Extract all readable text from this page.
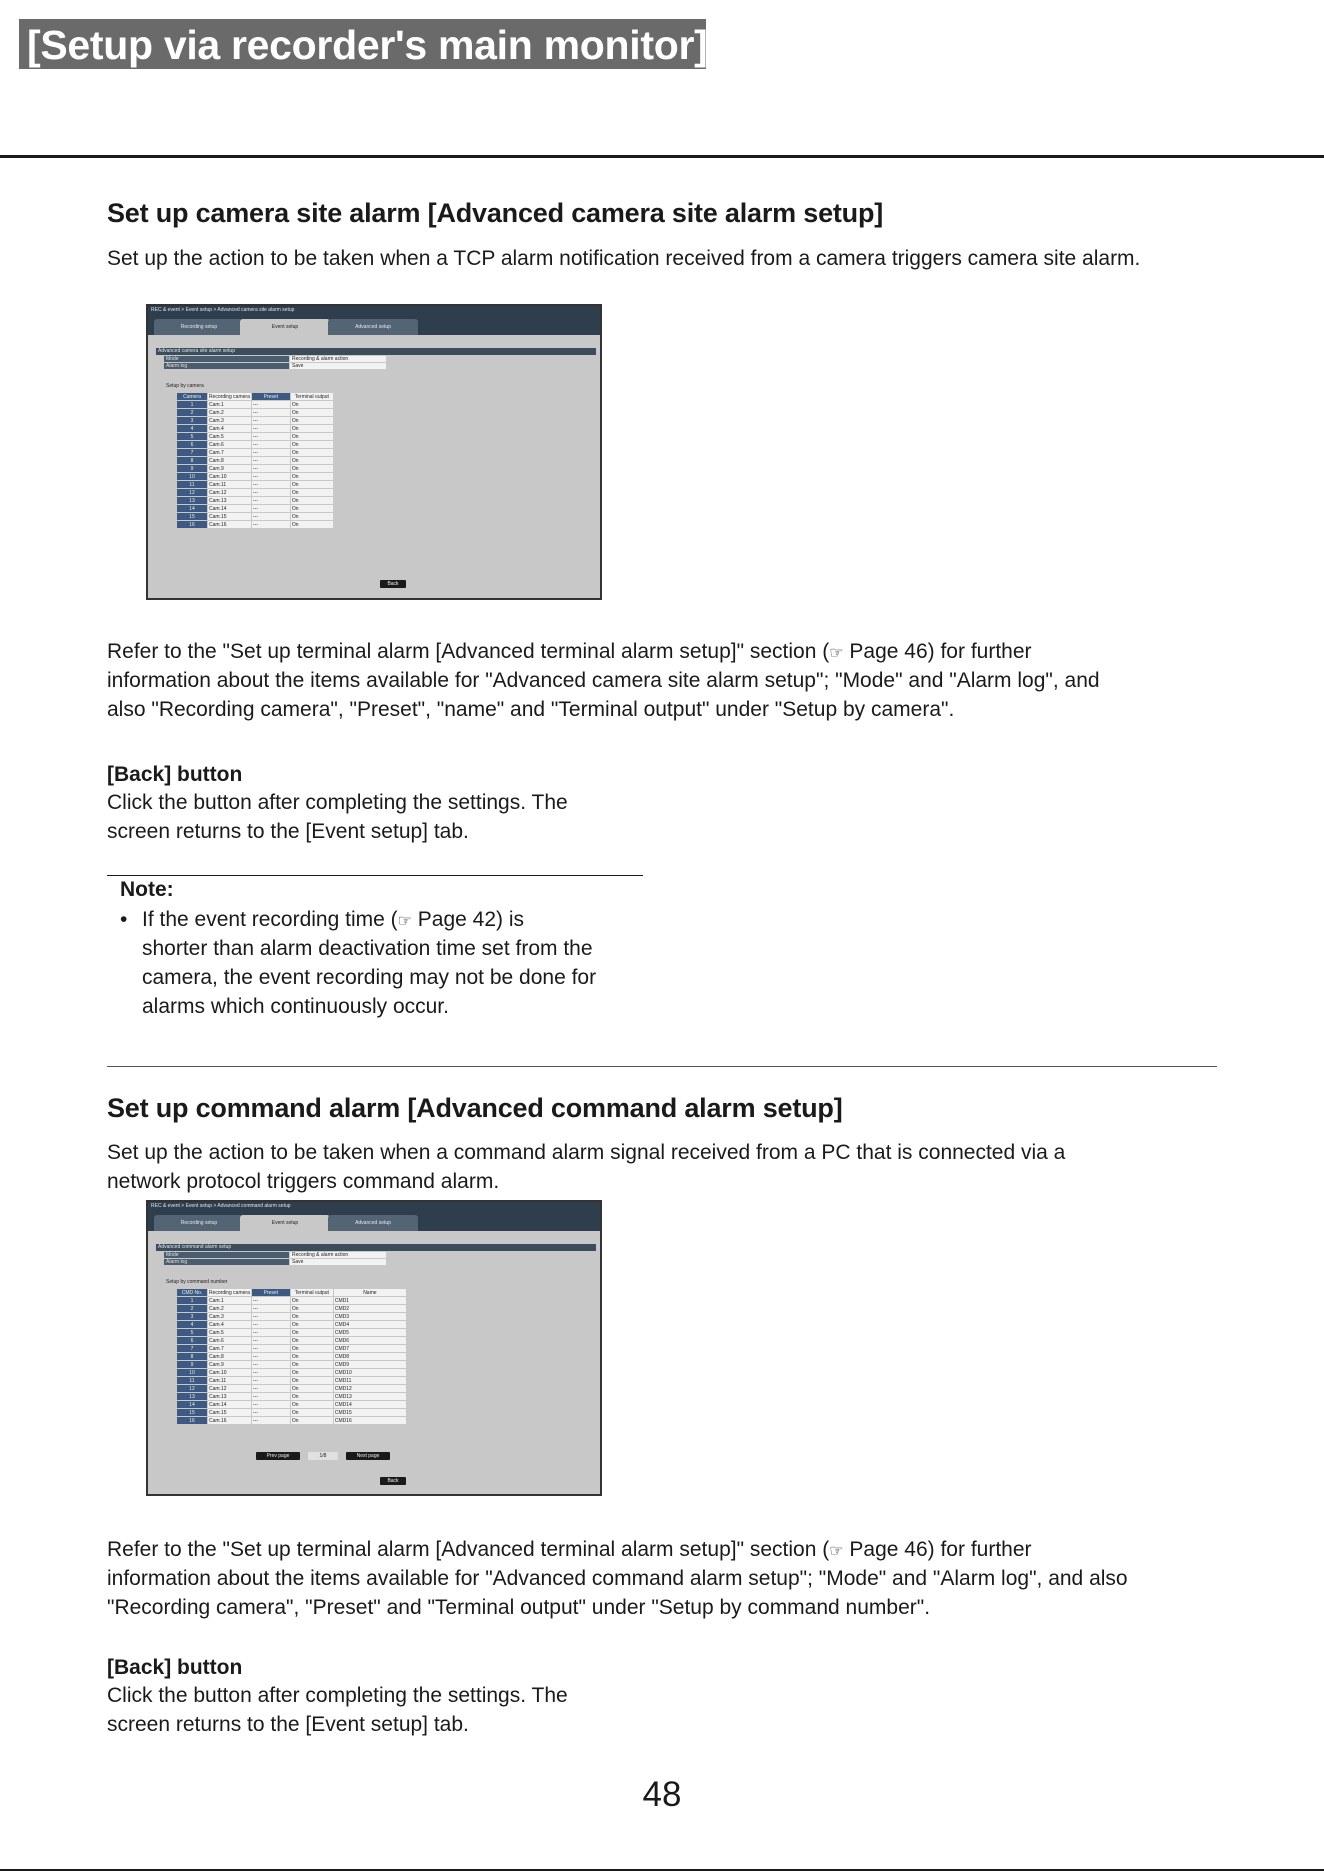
[Setup via recorder's main monitor]
Set up camera site alarm [Advanced camera site alarm setup]
Set up the action to be taken when a TCP alarm notification received from a camera triggers camera site alarm.
REC & event > Event setup > Advanced camera site alarm setup
Recording setup	Event setup	Advanced setup
Advanced camera site alarm setup
Mode	Recording & alarm action
Alarm log	Save
Setup by camera
Camera	Recording camera	Preset	Terminal output
1	Cam.1	---	On
2	Cam.2	---	On
3	Cam.3	---	On
4	Cam.4	---	On
5	Cam.5	---	On
6	Cam.6	---	On
7	Cam.7	---	On
8	Cam.8	---	On
9	Cam.9	---	On
10	Cam.10	---	On
11	Cam.11	---	On
12	Cam.12	---	On
13	Cam.13	---	On
14	Cam.14	---	On
15	Cam.15	---	On
16	Cam.16	---	On
Back
Refer to the "Set up terminal alarm [Advanced terminal alarm setup]" section (☞ Page 46) for further
information about the items available for "Advanced camera site alarm setup"; "Mode" and "Alarm log", and
also "Recording camera", "Preset", "name" and "Terminal output" under "Setup by camera".
[Back] button
Click the button after completing the settings. The
screen returns to the [Event setup] tab.
Note:
• If the event recording time (☞ Page 42) is
shorter than alarm deactivation time set from the
camera, the event recording may not be done for
alarms which continuously occur.
Set up command alarm [Advanced command alarm setup]
Set up the action to be taken when a command alarm signal received from a PC that is connected via a
network protocol triggers command alarm.
REC & event > Event setup > Advanced command alarm setup
Recording setup	Event setup	Advanced setup
Advanced command alarm setup
Mode	Recording & alarm action
Alarm log	Save
Setup by command number
CMD No.	Recording camera	Preset	Terminal output	Name
1	Cam.1	---	On	CMD1
2	Cam.2	---	On	CMD2
3	Cam.3	---	On	CMD3
4	Cam.4	---	On	CMD4
5	Cam.5	---	On	CMD5
6	Cam.6	---	On	CMD6
7	Cam.7	---	On	CMD7
8	Cam.8	---	On	CMD8
9	Cam.9	---	On	CMD9
10	Cam.10	---	On	CMD10
11	Cam.11	---	On	CMD11
12	Cam.12	---	On	CMD12
13	Cam.13	---	On	CMD13
14	Cam.14	---	On	CMD14
15	Cam.15	---	On	CMD15
16	Cam.16	---	On	CMD16
Prev page	1/8	Next page
Back
Refer to the "Set up terminal alarm [Advanced terminal alarm setup]" section (☞ Page 46) for further
information about the items available for "Advanced command alarm setup"; "Mode" and "Alarm log", and also
"Recording camera", "Preset" and "Terminal output" under "Setup by command number".
[Back] button
Click the button after completing the settings. The
screen returns to the [Event setup] tab.
48
